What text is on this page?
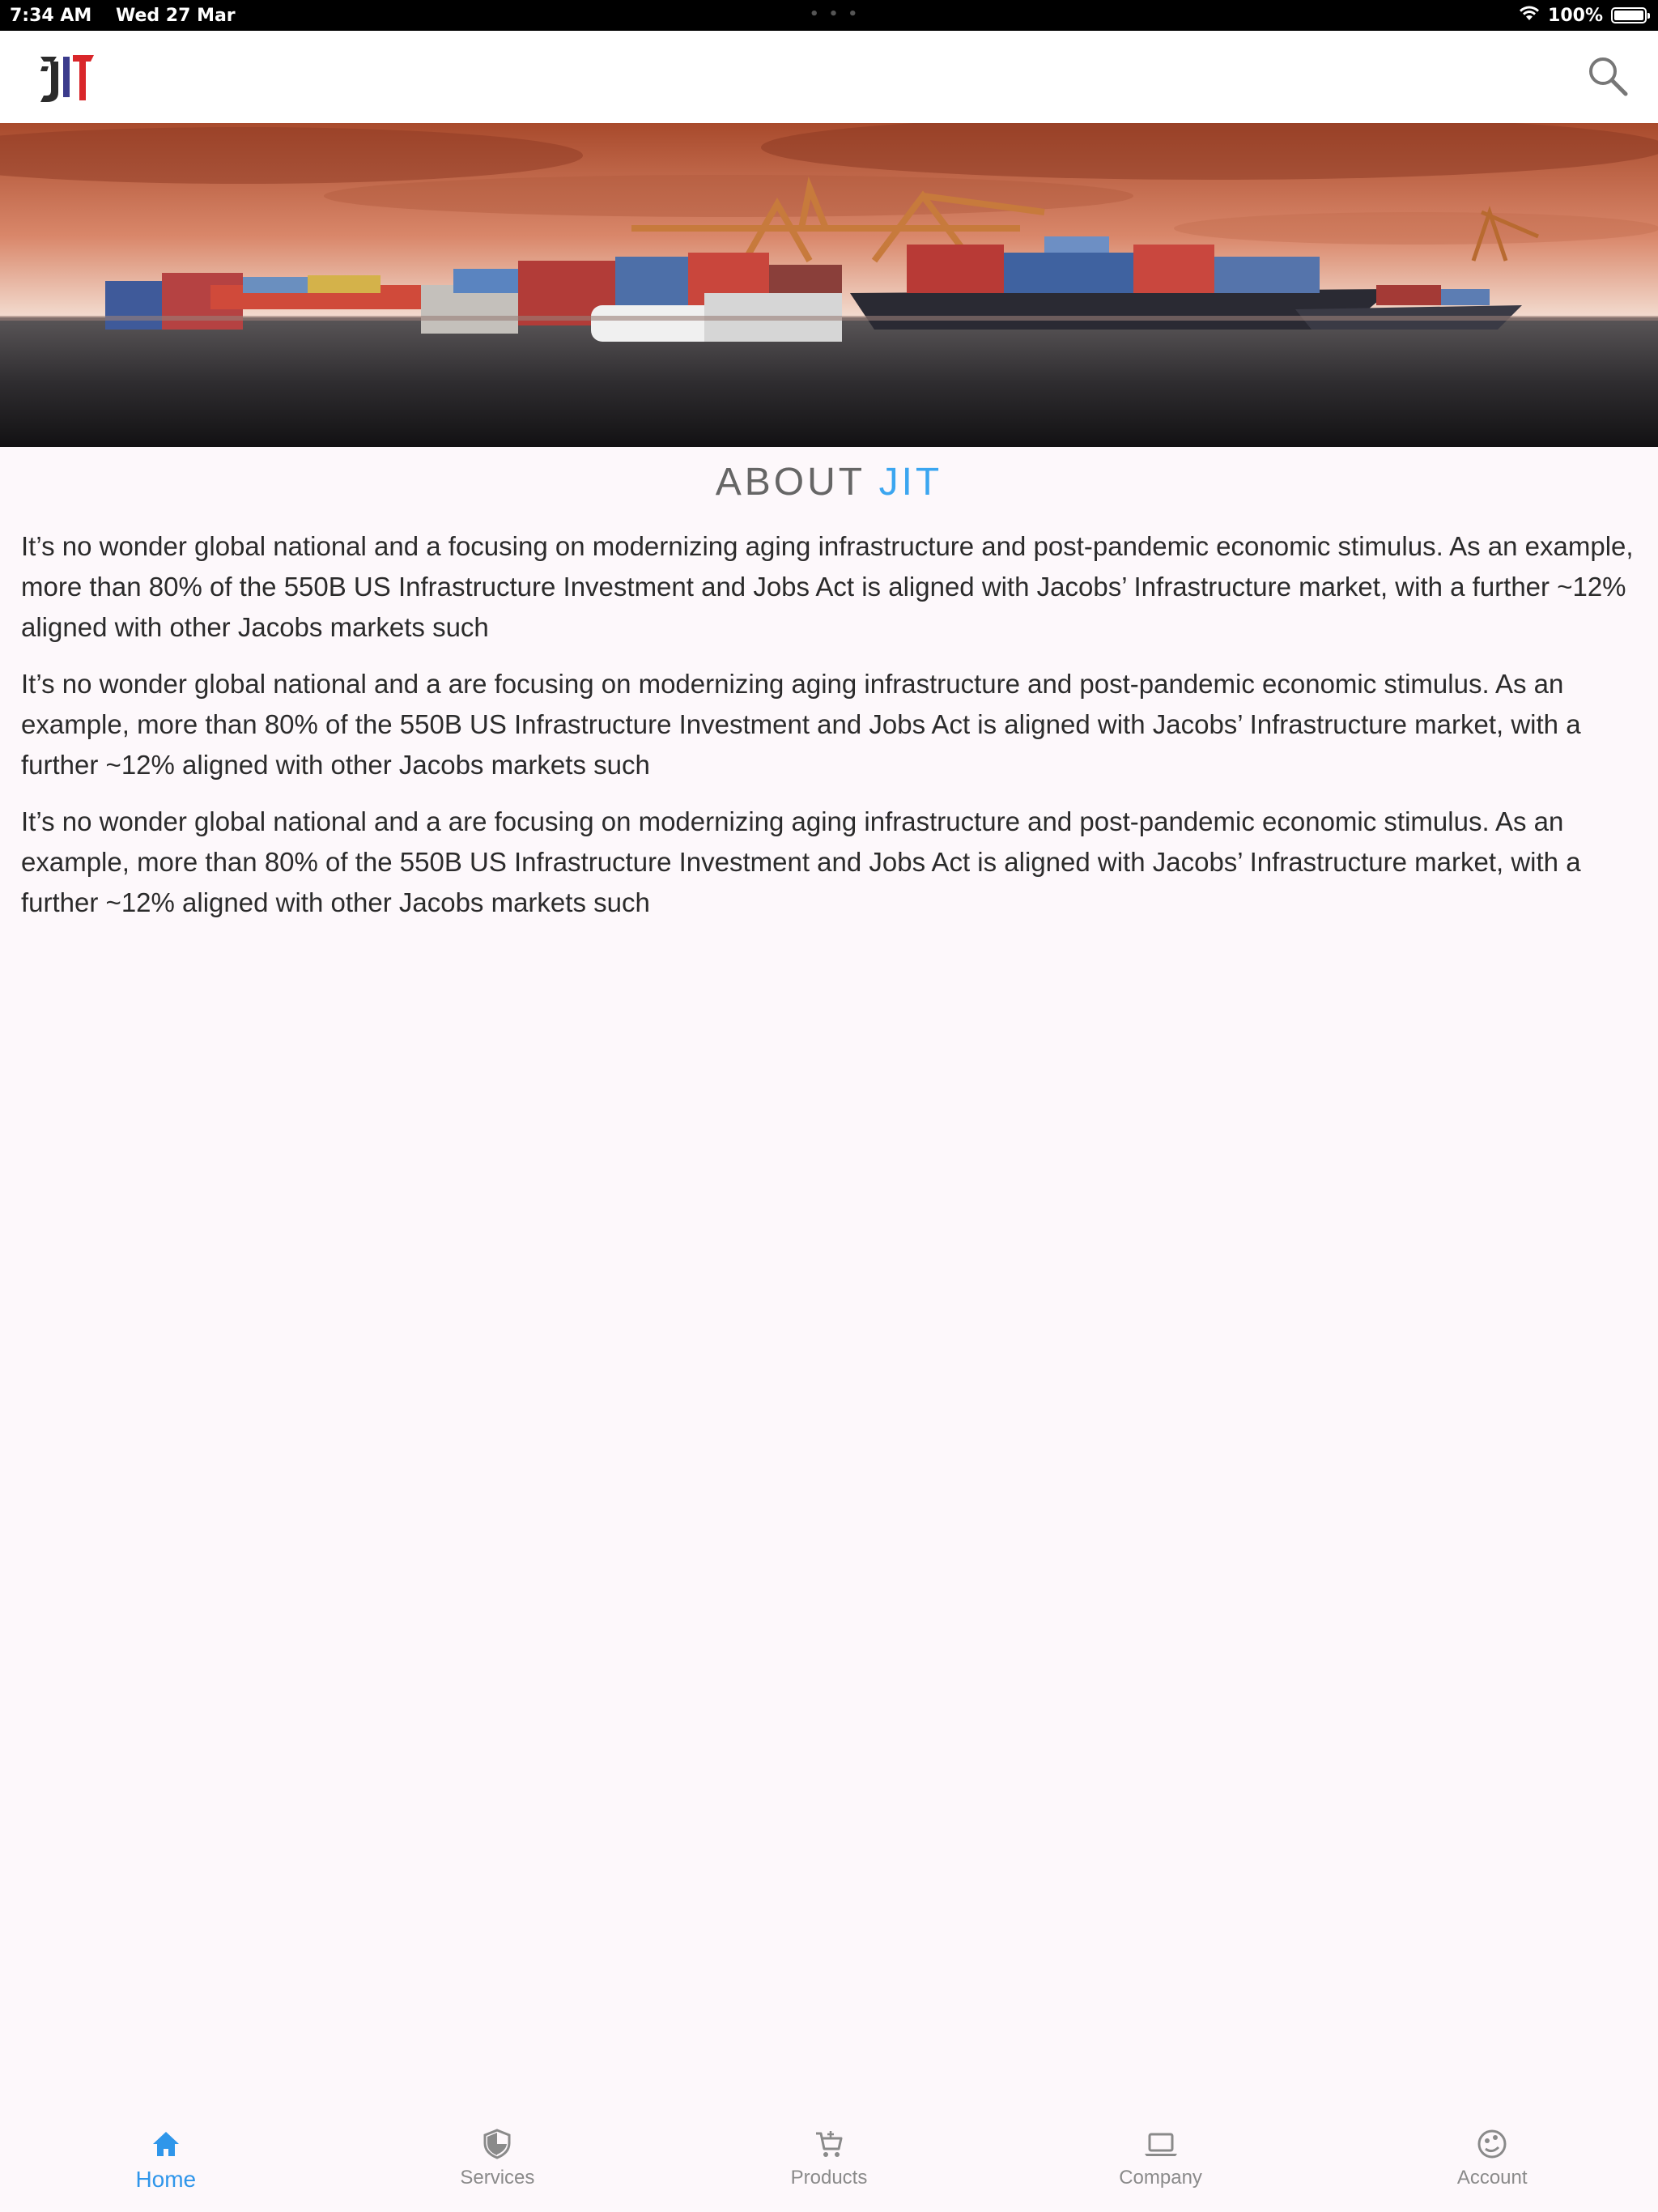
7:34 AM Wed 27 Mar	• • •	100%
ABOUT JIT

It’s no wonder global national and a focusing on modernizing aging infrastructure and post-pandemic economic stimulus. As an example, more than 80% of the 550B US Infrastructure Investment and Jobs Act is aligned with Jacobs’ Infrastructure market, with a further ~12% aligned with other Jacobs markets such

It’s no wonder global national and a are focusing on modernizing aging infrastructure and post-pandemic economic stimulus. As an example, more than 80% of the 550B US Infrastructure Investment and Jobs Act is aligned with Jacobs’ Infrastructure market, with a further ~12% aligned with other Jacobs markets such

It’s no wonder global national and a are focusing on modernizing aging infrastructure and post-pandemic economic stimulus. As an example, more than 80% of the 550B US Infrastructure Investment and Jobs Act is aligned with Jacobs’ Infrastructure market, with a further ~12% aligned with other Jacobs markets such

Home	Services	Products	Company	Account
